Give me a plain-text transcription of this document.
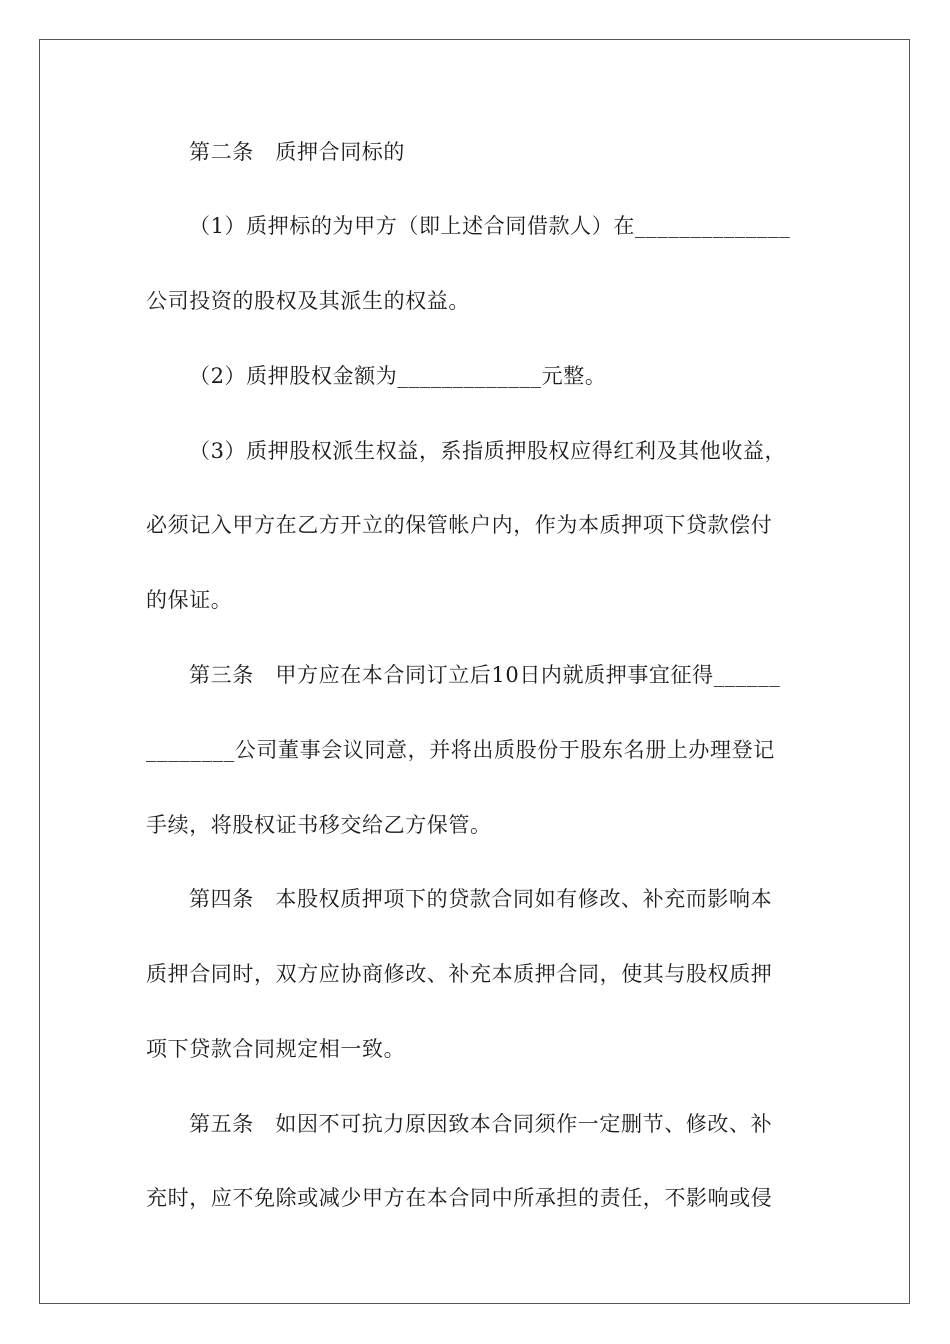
第二条　质押合同标的
（1）质押标的为甲方（即上述合同借款人）在______________
公司投资的股权及其派生的权益。
（2）质押股权金额为_____________元整。
（3）质押股权派生权益，系指质押股权应得红利及其他收益，
必须记入甲方在乙方开立的保管帐户内，作为本质押项下贷款偿付
的保证。
第三条　甲方应在本合同订立后10日内就质押事宜征得______
________公司董事会议同意，并将出质股份于股东名册上办理登记
手续，将股权证书移交给乙方保管。
第四条　本股权质押项下的贷款合同如有修改、补充而影响本
质押合同时，双方应协商修改、补充本质押合同，使其与股权质押
项下贷款合同规定相一致。
第五条　如因不可抗力原因致本合同须作一定删节、修改、补
充时，应不免除或减少甲方在本合同中所承担的责任，不影响或侵
